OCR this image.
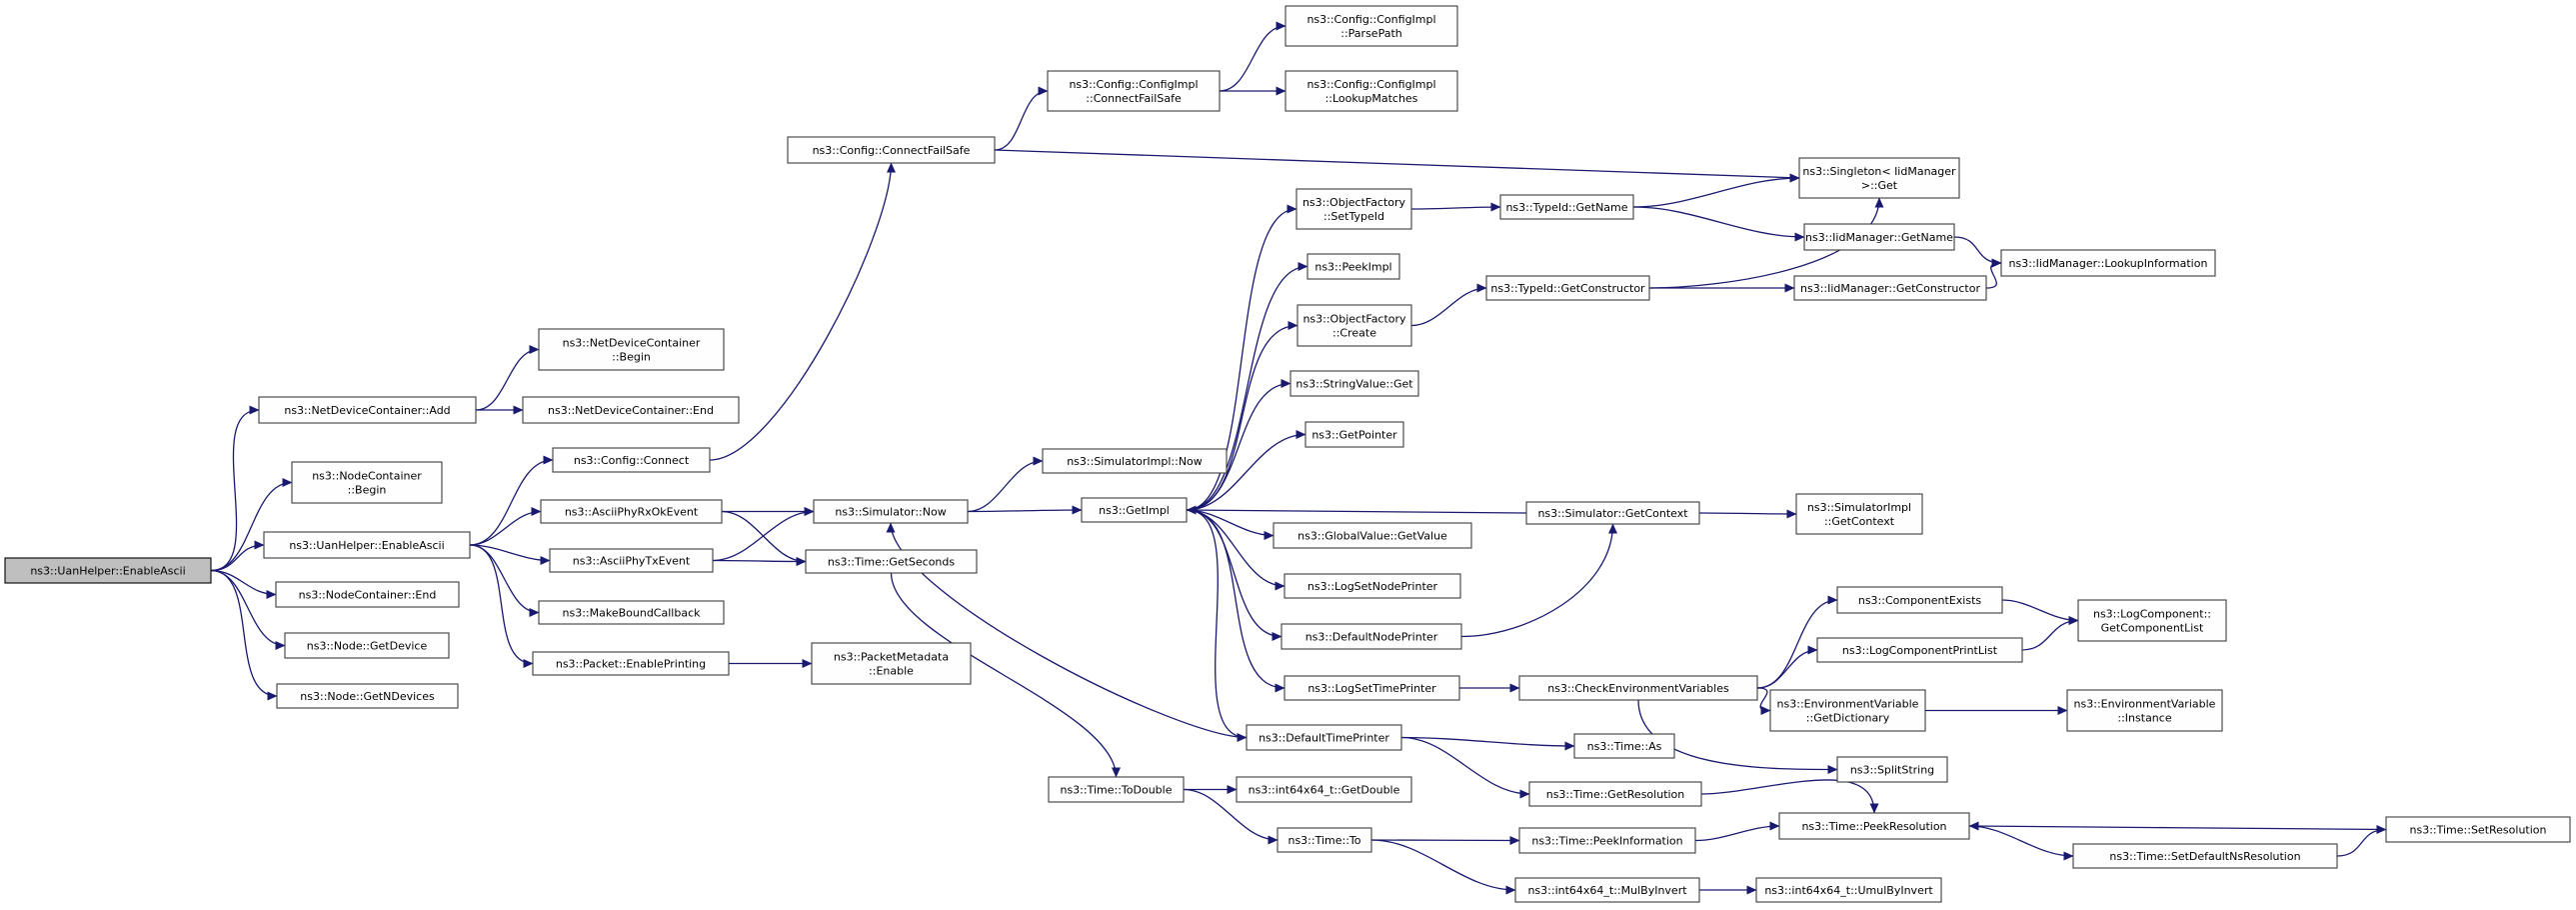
ns3::UanHelper::EnableAscii
ns3::NetDeviceContainer::Add
ns3::NodeContainer ::Begin
ns3::UanHelper::EnableAscii
ns3::NodeContainer::End
ns3::Node::GetDevice
ns3::Node::GetNDevices
ns3::NetDeviceContainer ::Begin
ns3::NetDeviceContainer::End
ns3::Config::Connect
ns3::AsciiPhyRxOkEvent
ns3::AsciiPhyTxEvent
ns3::MakeBoundCallback
ns3::Packet::EnablePrinting
ns3::Config::ConnectFailSafe
ns3::Config::ConfigImpl ::ConnectFailSafe
ns3::Config::ConfigImpl ::ParsePath
ns3::Config::ConfigImpl ::LookupMatches
ns3::Simulator::Now
ns3::Time::GetSeconds
ns3::PacketMetadata ::Enable
ns3::SimulatorImpl::Now
ns3::GetImpl
ns3::ObjectFactory ::SetTypeId
ns3::PeekImpl
ns3::ObjectFactory ::Create
ns3::StringValue::Get
ns3::GetPointer
ns3::GlobalValue::GetValue
ns3::LogSetNodePrinter
ns3::DefaultNodePrinter
ns3::LogSetTimePrinter
ns3::DefaultTimePrinter
ns3::Time::ToDouble	ns3::int64x64_t::GetDouble
ns3::Time::To
ns3::TypeId::GetName
ns3::TypeId::GetConstructor
ns3::Simulator::GetContext	ns3::SimulatorImpl ::GetContext
ns3::CheckEnvironmentVariables
ns3::Time::As
ns3::Time::GetResolution
ns3::Time::PeekInformation
ns3::int64x64_t::MulByInvert
ns3::Singleton< IidManager >::Get
ns3::IidManager::GetName
ns3::IidManager::GetConstructor
ns3::IidManager::LookupInformation
ns3::EnvironmentVariable ::GetDictionary
ns3::SplitString
ns3::Time::PeekResolution
ns3::int64x64_t::UmulByInvert
ns3::ComponentExists
ns3::LogComponentPrintList
ns3::LogComponent:: GetComponentList
ns3::EnvironmentVariable ::Instance
ns3::Time::SetResolution
ns3::Time::SetDefaultNsResolution
